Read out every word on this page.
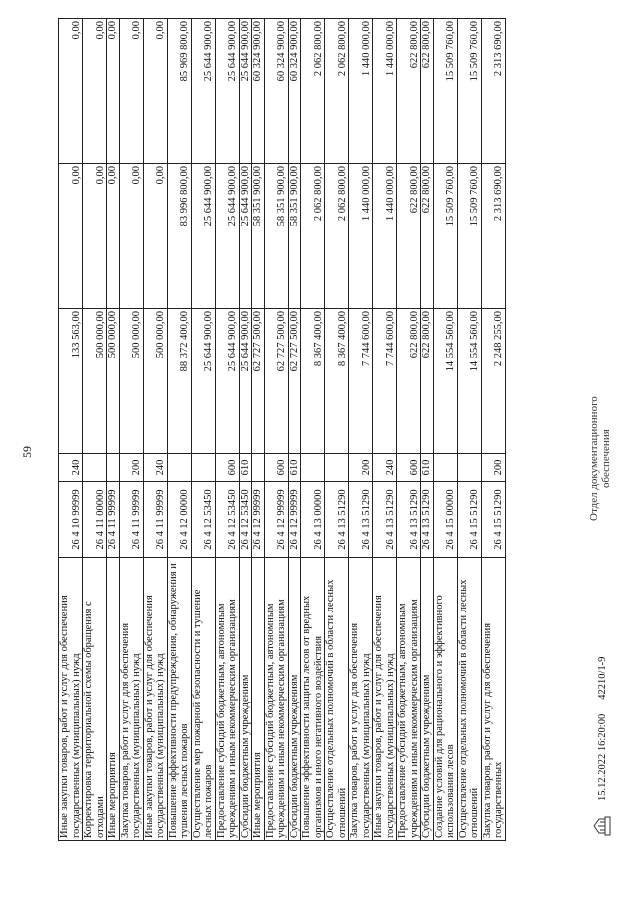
59
Иные закупки товаров, работ и услуг для обеспечения государственных (муниципальных) нужд	26 4 10 99999	240	133 563,00	0,00	0,00
Корректировка территориальной схемы обращения с отходами	26 4 11 00000		500 000,00	0,00	0,00
Иные мероприятия	26 4 11 99999		500 000,00	0,00	0,00
Закупка товаров, работ и услуг для обеспечения государственных (муниципальных) нужд	26 4 11 99999	200	500 000,00	0,00	0,00
Иные закупки товаров, работ и услуг для обеспечения государственных (муниципальных) нужд	26 4 11 99999	240	500 000,00	0,00	0,00
Повышение эффективности предупреждения, обнаружения и тушения лесных пожаров	26 4 12 00000		88 372 400,00	83 996 800,00	85 969 800,00
Осуществление мер пожарной безопасности и тушение лесных пожаров	26 4 12 53450		25 644 900,00	25 644 900,00	25 644 900,00
Предоставление субсидий бюджетным, автономным учреждениям и иным некоммерческим организациям	26 4 12 53450	600	25 644 900,00	25 644 900,00	25 644 900,00
Субсидии бюджетным учреждениям	26 4 12 53450	610	25 644 900,00	25 644 900,00	25 644 900,00
Иные мероприятия	26 4 12 99999		62 727 500,00	58 351 900,00	60 324 900,00
Предоставление субсидий бюджетным, автономным учреждениям и иным некоммерческим организациям	26 4 12 99999	600	62 727 500,00	58 351 900,00	60 324 900,00
Субсидии бюджетным учреждениям	26 4 12 99999	610	62 727 500,00	58 351 900,00	60 324 900,00
Повышение эффективности защиты лесов от вредных организмов и иного негативного воздействия	26 4 13 00000		8 367 400,00	2 062 800,00	2 062 800,00
Осуществление отдельных полномочий в области лесных отношений	26 4 13 51290		8 367 400,00	2 062 800,00	2 062 800,00
Закупка товаров, работ и услуг для обеспечения государственных (муниципальных) нужд	26 4 13 51290	200	7 744 600,00	1 440 000,00	1 440 000,00
Иные закупки товаров, работ и услуг для обеспечения государственных (муниципальных) нужд	26 4 13 51290	240	7 744 600,00	1 440 000,00	1 440 000,00
Предоставление субсидий бюджетным, автономным учреждениям и иным некоммерческим организациям	26 4 13 51290	600	622 800,00	622 800,00	622 800,00
Субсидии бюджетным учреждениям	26 4 13 51290	610	622 800,00	622 800,00	622 800,00
Создание условий для рационального и эффективного использования лесов	26 4 15 00000		14 554 560,00	15 509 760,00	15 509 760,00
Осуществление отдельных полномочий в области лесных отношений	26 4 15 51290		14 554 560,00	15 509 760,00	15 509 760,00
Закупка товаров, работ и услуг для обеспечения государственных	26 4 15 51290	200	2 248 255,00	2 313 690,00	2 313 690,00
15.12.2022 16:20:00
42210/1-9
Отдел документационного обеспечения
